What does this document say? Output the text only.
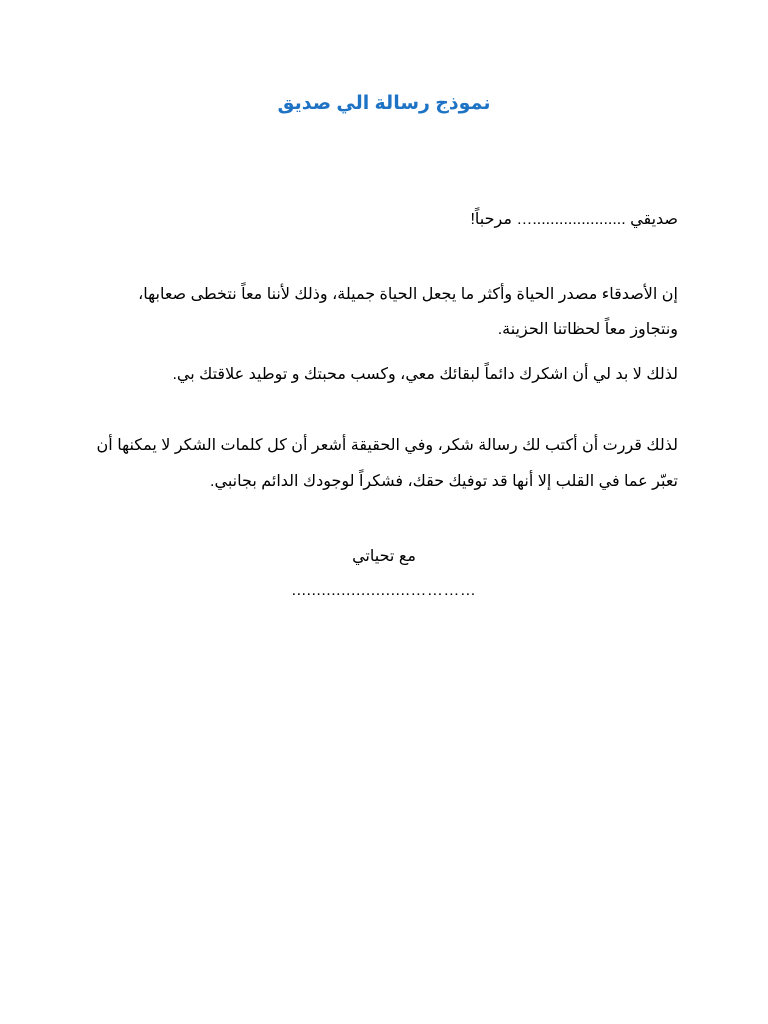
نموذج رسالة الي صديق
صديقي .....................… مرحباً!
إن الأصدقاء مصدر الحياة وأكثر ما يجعل الحياة جميلة، وذلك لأننا معاً نتخطى صعابها،
ونتجاوز معاً لحظاتنا الحزينة.
لذلك لا بد لي أن اشكرك دائماً لبقائك معي، وكسب محبتك و توطيد علاقتك بي.
لذلك قررت أن أكتب لك رسالة شكر، وفي الحقيقة أشعر أن كل كلمات الشكر لا يمكنها أن
تعبّر عما في القلب إلا أنها قد توفيك حقك، فشكراً لوجودك الدائم بجانبي.
مع تحياتي
........................…………
